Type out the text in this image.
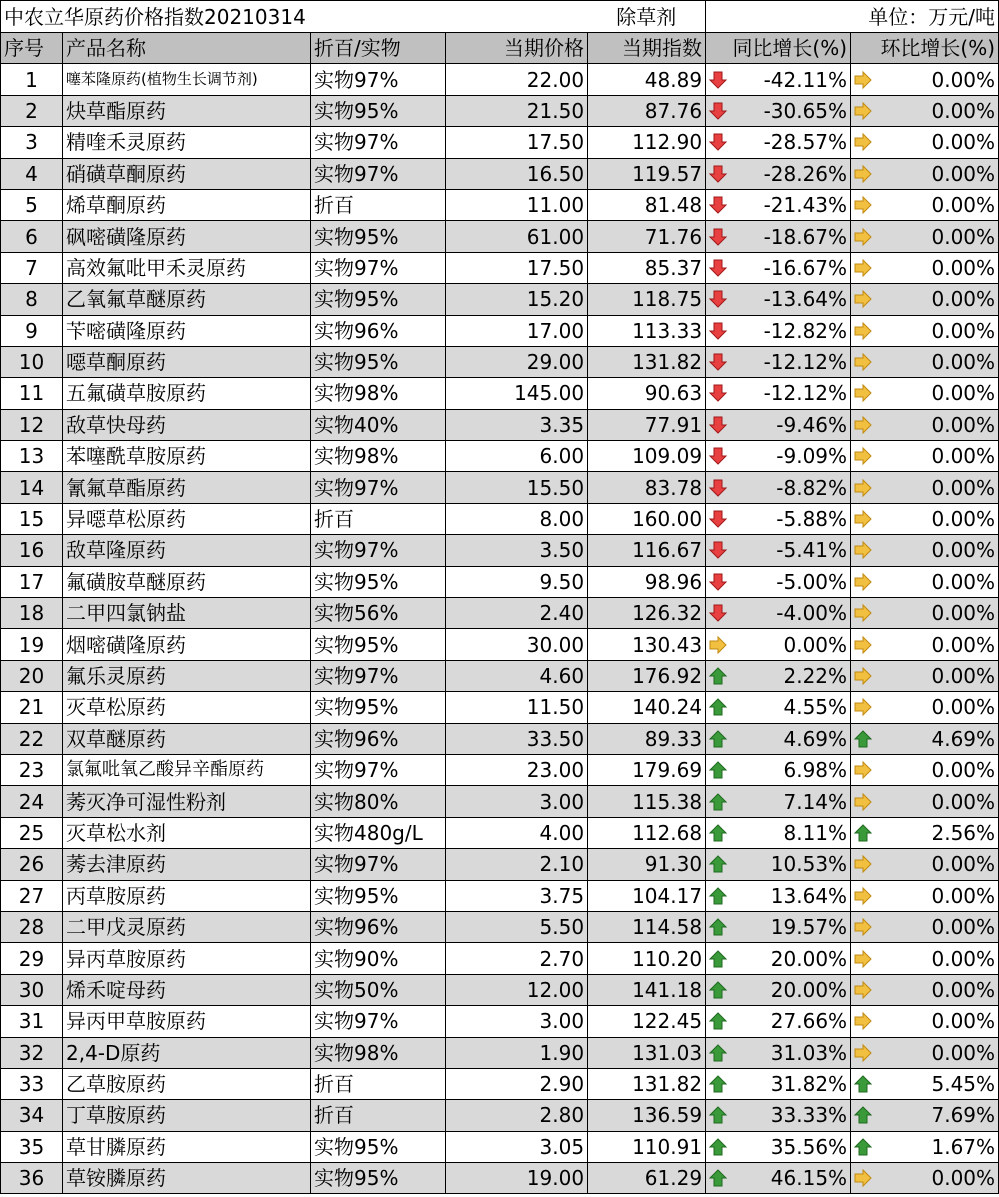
中农立华原药价格指数20210314				除草剂	单位：万元/吨	
序号	产品名称	折百/实物	当期价格	当期指数	同比增长(%)	环比增长(%)
1	噻苯隆原药(植物生长调节剂)	实物97%	22.00	48.89	-42.11%	0.00%
2	炔草酯原药	实物95%	21.50	87.76	-30.65%	0.00%
3	精喹禾灵原药	实物97%	17.50	112.90	-28.57%	0.00%
4	硝磺草酮原药	实物97%	16.50	119.57	-28.26%	0.00%
5	烯草酮原药	折百	11.00	81.48	-21.43%	0.00%
6	砜嘧磺隆原药	实物95%	61.00	71.76	-18.67%	0.00%
7	高效氟吡甲禾灵原药	实物97%	17.50	85.37	-16.67%	0.00%
8	乙氧氟草醚原药	实物95%	15.20	118.75	-13.64%	0.00%
9	苄嘧磺隆原药	实物96%	17.00	113.33	-12.82%	0.00%
10	噁草酮原药	实物95%	29.00	131.82	-12.12%	0.00%
11	五氟磺草胺原药	实物98%	145.00	90.63	-12.12%	0.00%
12	敌草快母药	实物40%	3.35	77.91	-9.46%	0.00%
13	苯噻酰草胺原药	实物98%	6.00	109.09	-9.09%	0.00%
14	氰氟草酯原药	实物97%	15.50	83.78	-8.82%	0.00%
15	异噁草松原药	折百	8.00	160.00	-5.88%	0.00%
16	敌草隆原药	实物97%	3.50	116.67	-5.41%	0.00%
17	氟磺胺草醚原药	实物95%	9.50	98.96	-5.00%	0.00%
18	二甲四氯钠盐	实物56%	2.40	126.32	-4.00%	0.00%
19	烟嘧磺隆原药	实物95%	30.00	130.43	0.00%	0.00%
20	氟乐灵原药	实物97%	4.60	176.92	2.22%	0.00%
21	灭草松原药	实物95%	11.50	140.24	4.55%	0.00%
22	双草醚原药	实物96%	33.50	89.33	4.69%	4.69%
23	氯氟吡氧乙酸异辛酯原药	实物97%	23.00	179.69	6.98%	0.00%
24	莠灭净可湿性粉剂	实物80%	3.00	115.38	7.14%	0.00%
25	灭草松水剂	实物480g/L	4.00	112.68	8.11%	2.56%
26	莠去津原药	实物97%	2.10	91.30	10.53%	0.00%
27	丙草胺原药	实物95%	3.75	104.17	13.64%	0.00%
28	二甲戊灵原药	实物96%	5.50	114.58	19.57%	0.00%
29	异丙草胺原药	实物90%	2.70	110.20	20.00%	0.00%
30	烯禾啶母药	实物50%	12.00	141.18	20.00%	0.00%
31	异丙甲草胺原药	实物97%	3.00	122.45	27.66%	0.00%
32	2,4-D原药	实物98%	1.90	131.03	31.03%	0.00%
33	乙草胺原药	折百	2.90	131.82	31.82%	5.45%
34	丁草胺原药	折百	2.80	136.59	33.33%	7.69%
35	草甘膦原药	实物95%	3.05	110.91	35.56%	1.67%
36	草铵膦原药	实物95%	19.00	61.29	46.15%	0.00%
